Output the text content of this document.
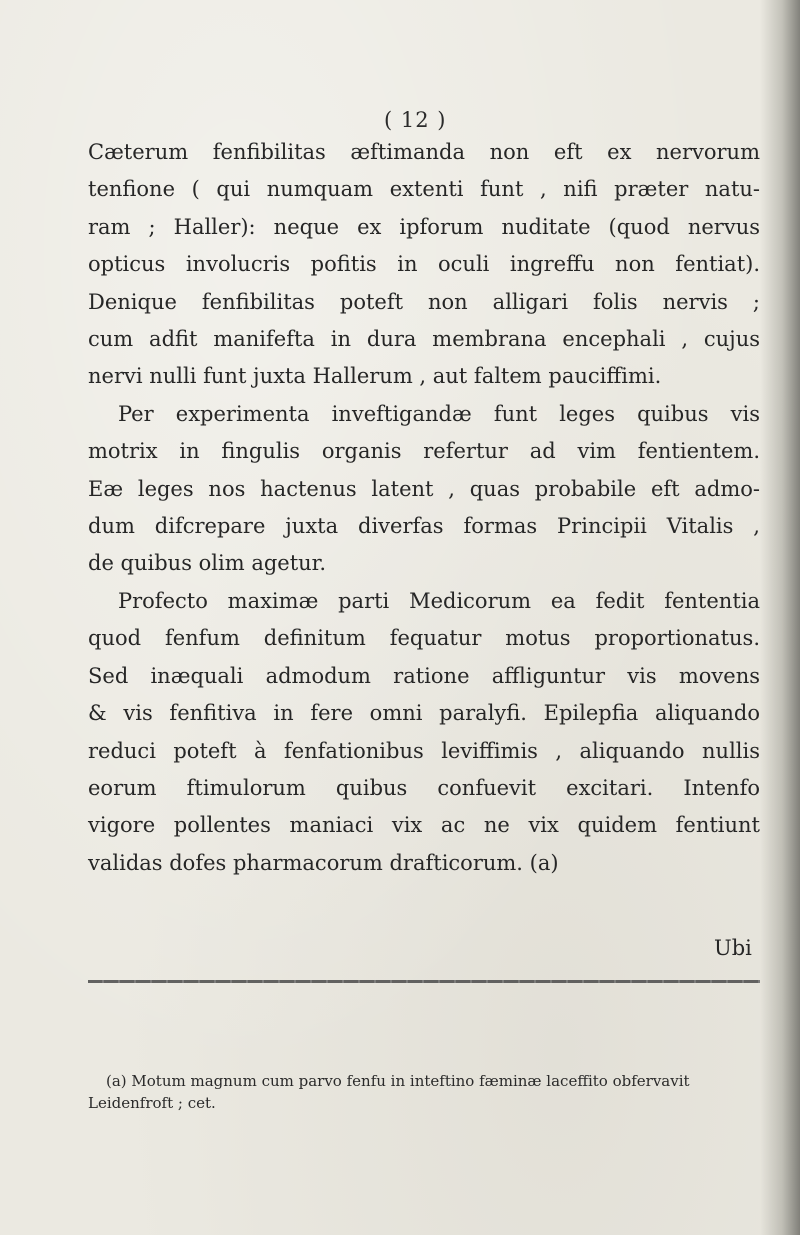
( 12 )
Cæterum fenfibilitas æftimanda non eft ex nervorum
tenfione ( qui numquam extenti funt , nifi præter natu-
ram ; Haller): neque ex ipforum nuditate (quod nervus
opticus involucris pofitis in oculi ingreffu non fentiat).
Denique fenfibilitas poteft non alligari folis nervis ;
cum adfit manifefta in dura membrana encephali , cujus
nervi nulli funt juxta Hallerum , aut faltem pauciffimi.
Per experimenta inveftigandæ funt leges quibus vis
motrix in fingulis organis refertur ad vim fentientem.
Eæ leges nos hactenus latent , quas probabile eft admo-
dum difcrepare juxta diverfas formas Principii Vitalis ,
de quibus olim agetur.
Profecto maximæ parti Medicorum ea fedit fententia
quod fenfum definitum fequatur motus proportionatus.
Sed inæquali admodum ratione affliguntur vis movens
& vis fenfitiva in fere omni paralyfi. Epilepfia aliquando
reduci poteft à fenfationibus leviffimis , aliquando nullis
eorum ftimulorum quibus confuevit excitari. Intenfo
vigore pollentes maniaci vix ac ne vix quidem fentiunt
validas dofes pharmacorum drafticorum. (a)
Ubi
(a) Motum magnum cum parvo fenfu in inteftino fæminæ laceffito obfervavit
Leidenfroft ; cet.
